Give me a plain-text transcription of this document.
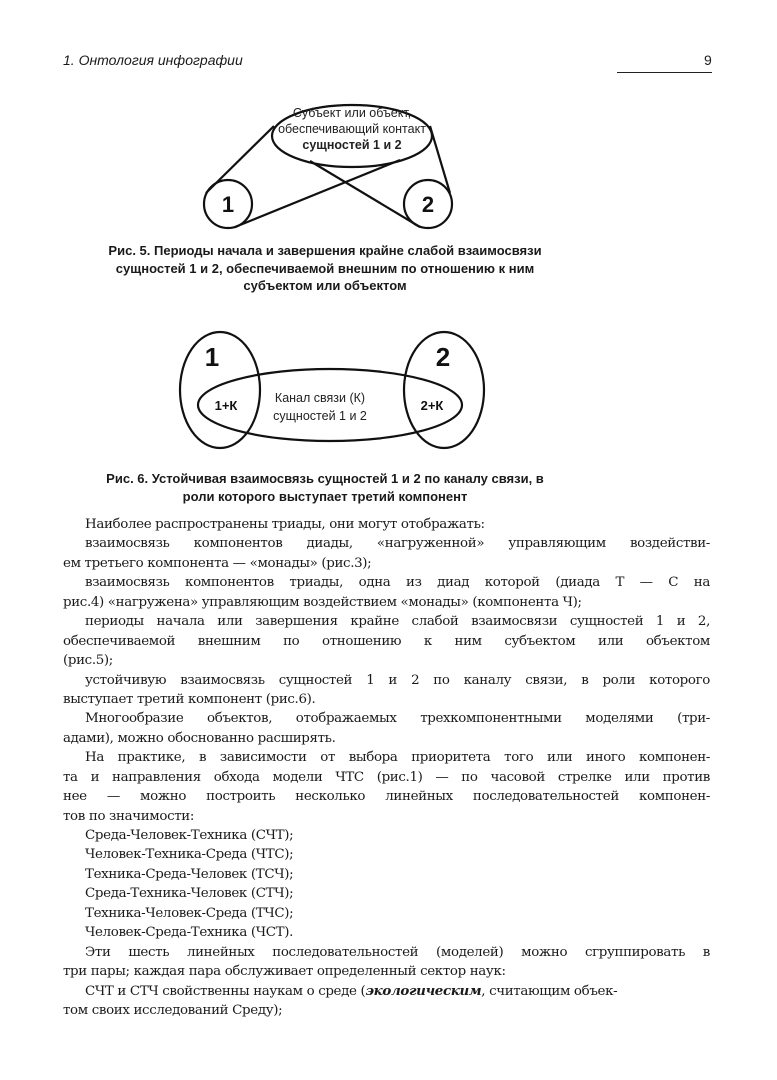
1. Онтология инфографии	9
Субъект или объект,
обеспечивающий контакт
сущностей 1 и 2
1	2
1	2
1+К	2+К
Канал связи (К)
сущностей 1 и 2
Рис. 5. Периоды начала и завершения крайне слабой взаимосвязи
сущностей 1 и 2, обеспечиваемой внешним по отношению к ним
субъектом или объектом
Рис. 6. Устойчивая взаимосвязь сущностей 1 и 2 по каналу связи, в
роли которого выступает третий компонент
Наиболее распространены триады, они могут отображать:
взаимосвязь компонентов диады, «нагруженной» управляющим воздействи-
ем третьего компонента — «монады» (рис.3);
взаимосвязь компонентов триады, одна из диад которой (диада Т — С на
рис.4) «нагружена» управляющим воздействием «монады» (компонента Ч);
периоды начала или завершения крайне слабой взаимосвязи сущностей 1 и 2,
обеспечиваемой внешним по отношению к ним субъектом или объектом
(рис.5);
устойчивую взаимосвязь сущностей 1 и 2 по каналу связи, в роли которого
выступает третий компонент (рис.6).
Многообразие объектов, отображаемых трехкомпонентными моделями (три-
адами), можно обоснованно расширять.
На практике, в зависимости от выбора приоритета того или иного компонен-
та и направления обхода модели ЧТС (рис.1) — по часовой стрелке или против
нее — можно построить несколько линейных последовательностей компонен-
тов по значимости:
Среда-Человек-Техника (СЧТ);
Человек-Техника-Среда (ЧТС);
Техника-Среда-Человек (ТСЧ);
Среда-Техника-Человек (СТЧ);
Техника-Человек-Среда (ТЧС);
Человек-Среда-Техника (ЧСТ).
Эти шесть линейных последовательностей (моделей) можно сгруппировать в
три пары; каждая пара обслуживает определенный сектор наук:
СЧТ и СТЧ свойственны наукам о среде (экологическим, считающим объек-
том своих исследований Среду);
